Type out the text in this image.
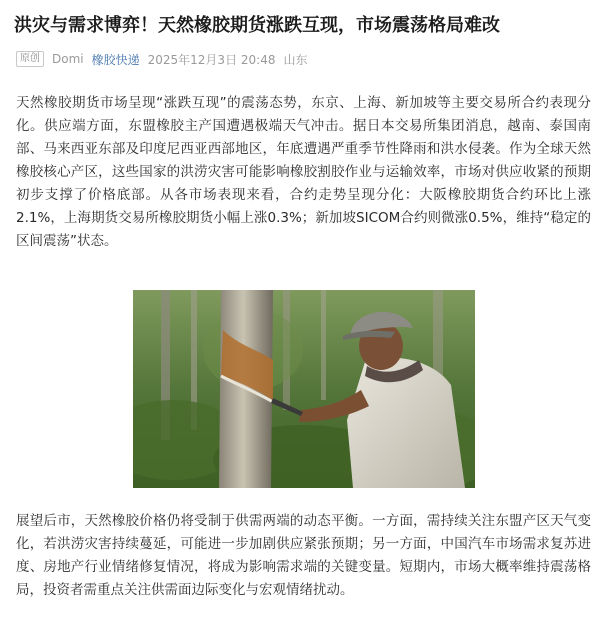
洪灾与需求博弈！天然橡胶期货涨跌互现，市场震荡格局难改
原创	Domi 橡胶快递 2025年12月3日 20:48 山东

天然橡胶期货市场呈现“涨跌互现”的震荡态势，东京、上海、新加坡等主要交易所合约表现分化。供应端方面，东盟橡胶主产国遭遇极端天气冲击。据日本交易所集团消息，越南、泰国南部、马来西亚东部及印度尼西亚西部地区，年底遭遇严重季节性降雨和洪水侵袭。作为全球天然橡胶核心产区，这些国家的洪涝灾害可能影响橡胶割胶作业与运输效率，市场对供应收紧的预期初步支撑了价格底部。从各市场表现来看，合约走势呈现分化：大阪橡胶期货合约环比上涨2.1%，上海期货交易所橡胶期货小幅上涨0.3%；新加坡SICOM合约则微涨0.5%，维持“稳定的区间震荡”状态。

展望后市，天然橡胶价格仍将受制于供需两端的动态平衡。一方面，需持续关注东盟产区天气变化，若洪涝灾害持续蔓延，可能进一步加剧供应紧张预期；另一方面，中国汽车市场需求复苏进度、房地产行业情绪修复情况，将成为影响需求端的关键变量。短期内，市场大概率维持震荡格局，投资者需重点关注供需面边际变化与宏观情绪扰动。
